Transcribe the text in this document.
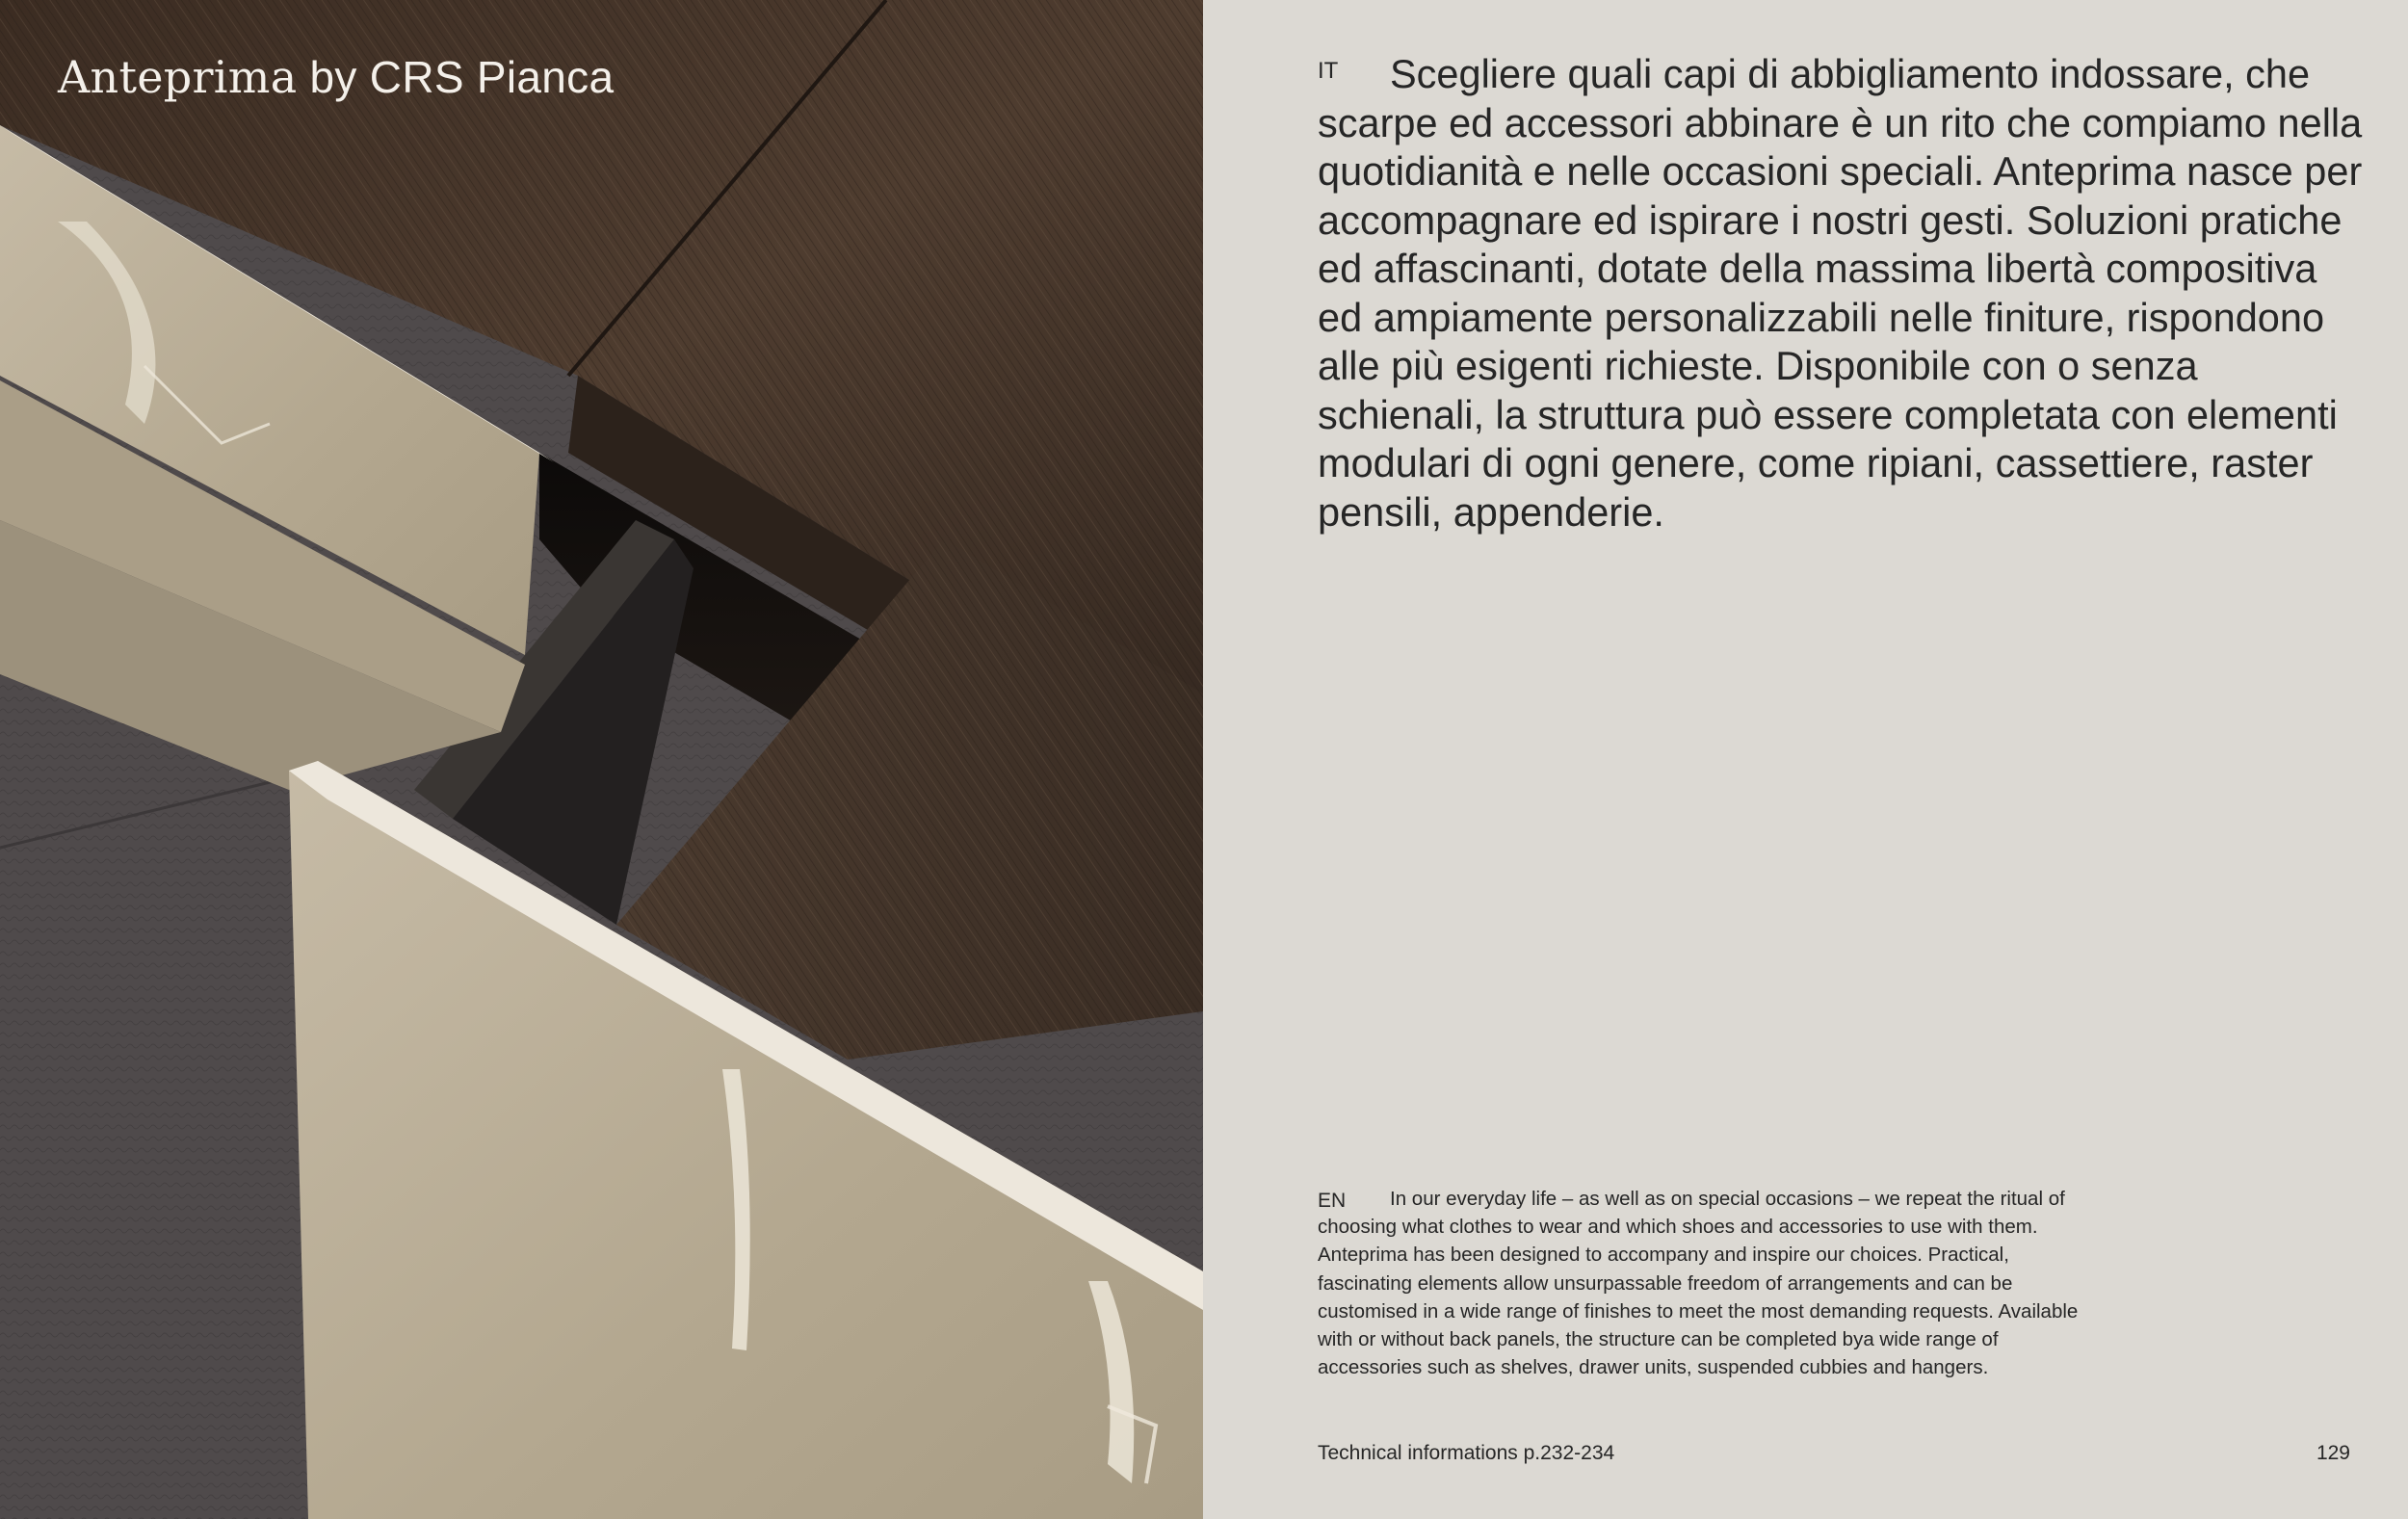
Anteprima by CRS Pianca	IT	Scegliere quali capi di abbigliamento indossare, che scarpe ed accessori abbinare è un rito che compiamo nella quotidianità e nelle occasioni speciali. Anteprima nasce per accompagnare ed ispirare i nostri gesti. Soluzioni pratiche ed affascinanti, dotate della massima libertà compositiva ed ampiamente personalizzabili nelle finiture, rispondono alle più esigenti richieste. Disponibile con o senza schienali, la struttura può essere completata con elementi modulari di ogni genere, come ripiani, cassettiere, raster pensili, appenderie.

EN	In our everyday life – as well as on special occasions – we repeat the ritual of choosing what clothes to wear and which shoes and accessories to use with them. Anteprima has been designed to accompany and inspire our choices. Practical, fascinating elements allow unsurpassable freedom of arrangements and can be customised in a wide range of finishes to meet the most demanding requests. Available with or without back panels, the structure can be completed bya wide range of accessories such as shelves, drawer units, suspended cubbies and hangers.

Technical informations p.232-234	129
